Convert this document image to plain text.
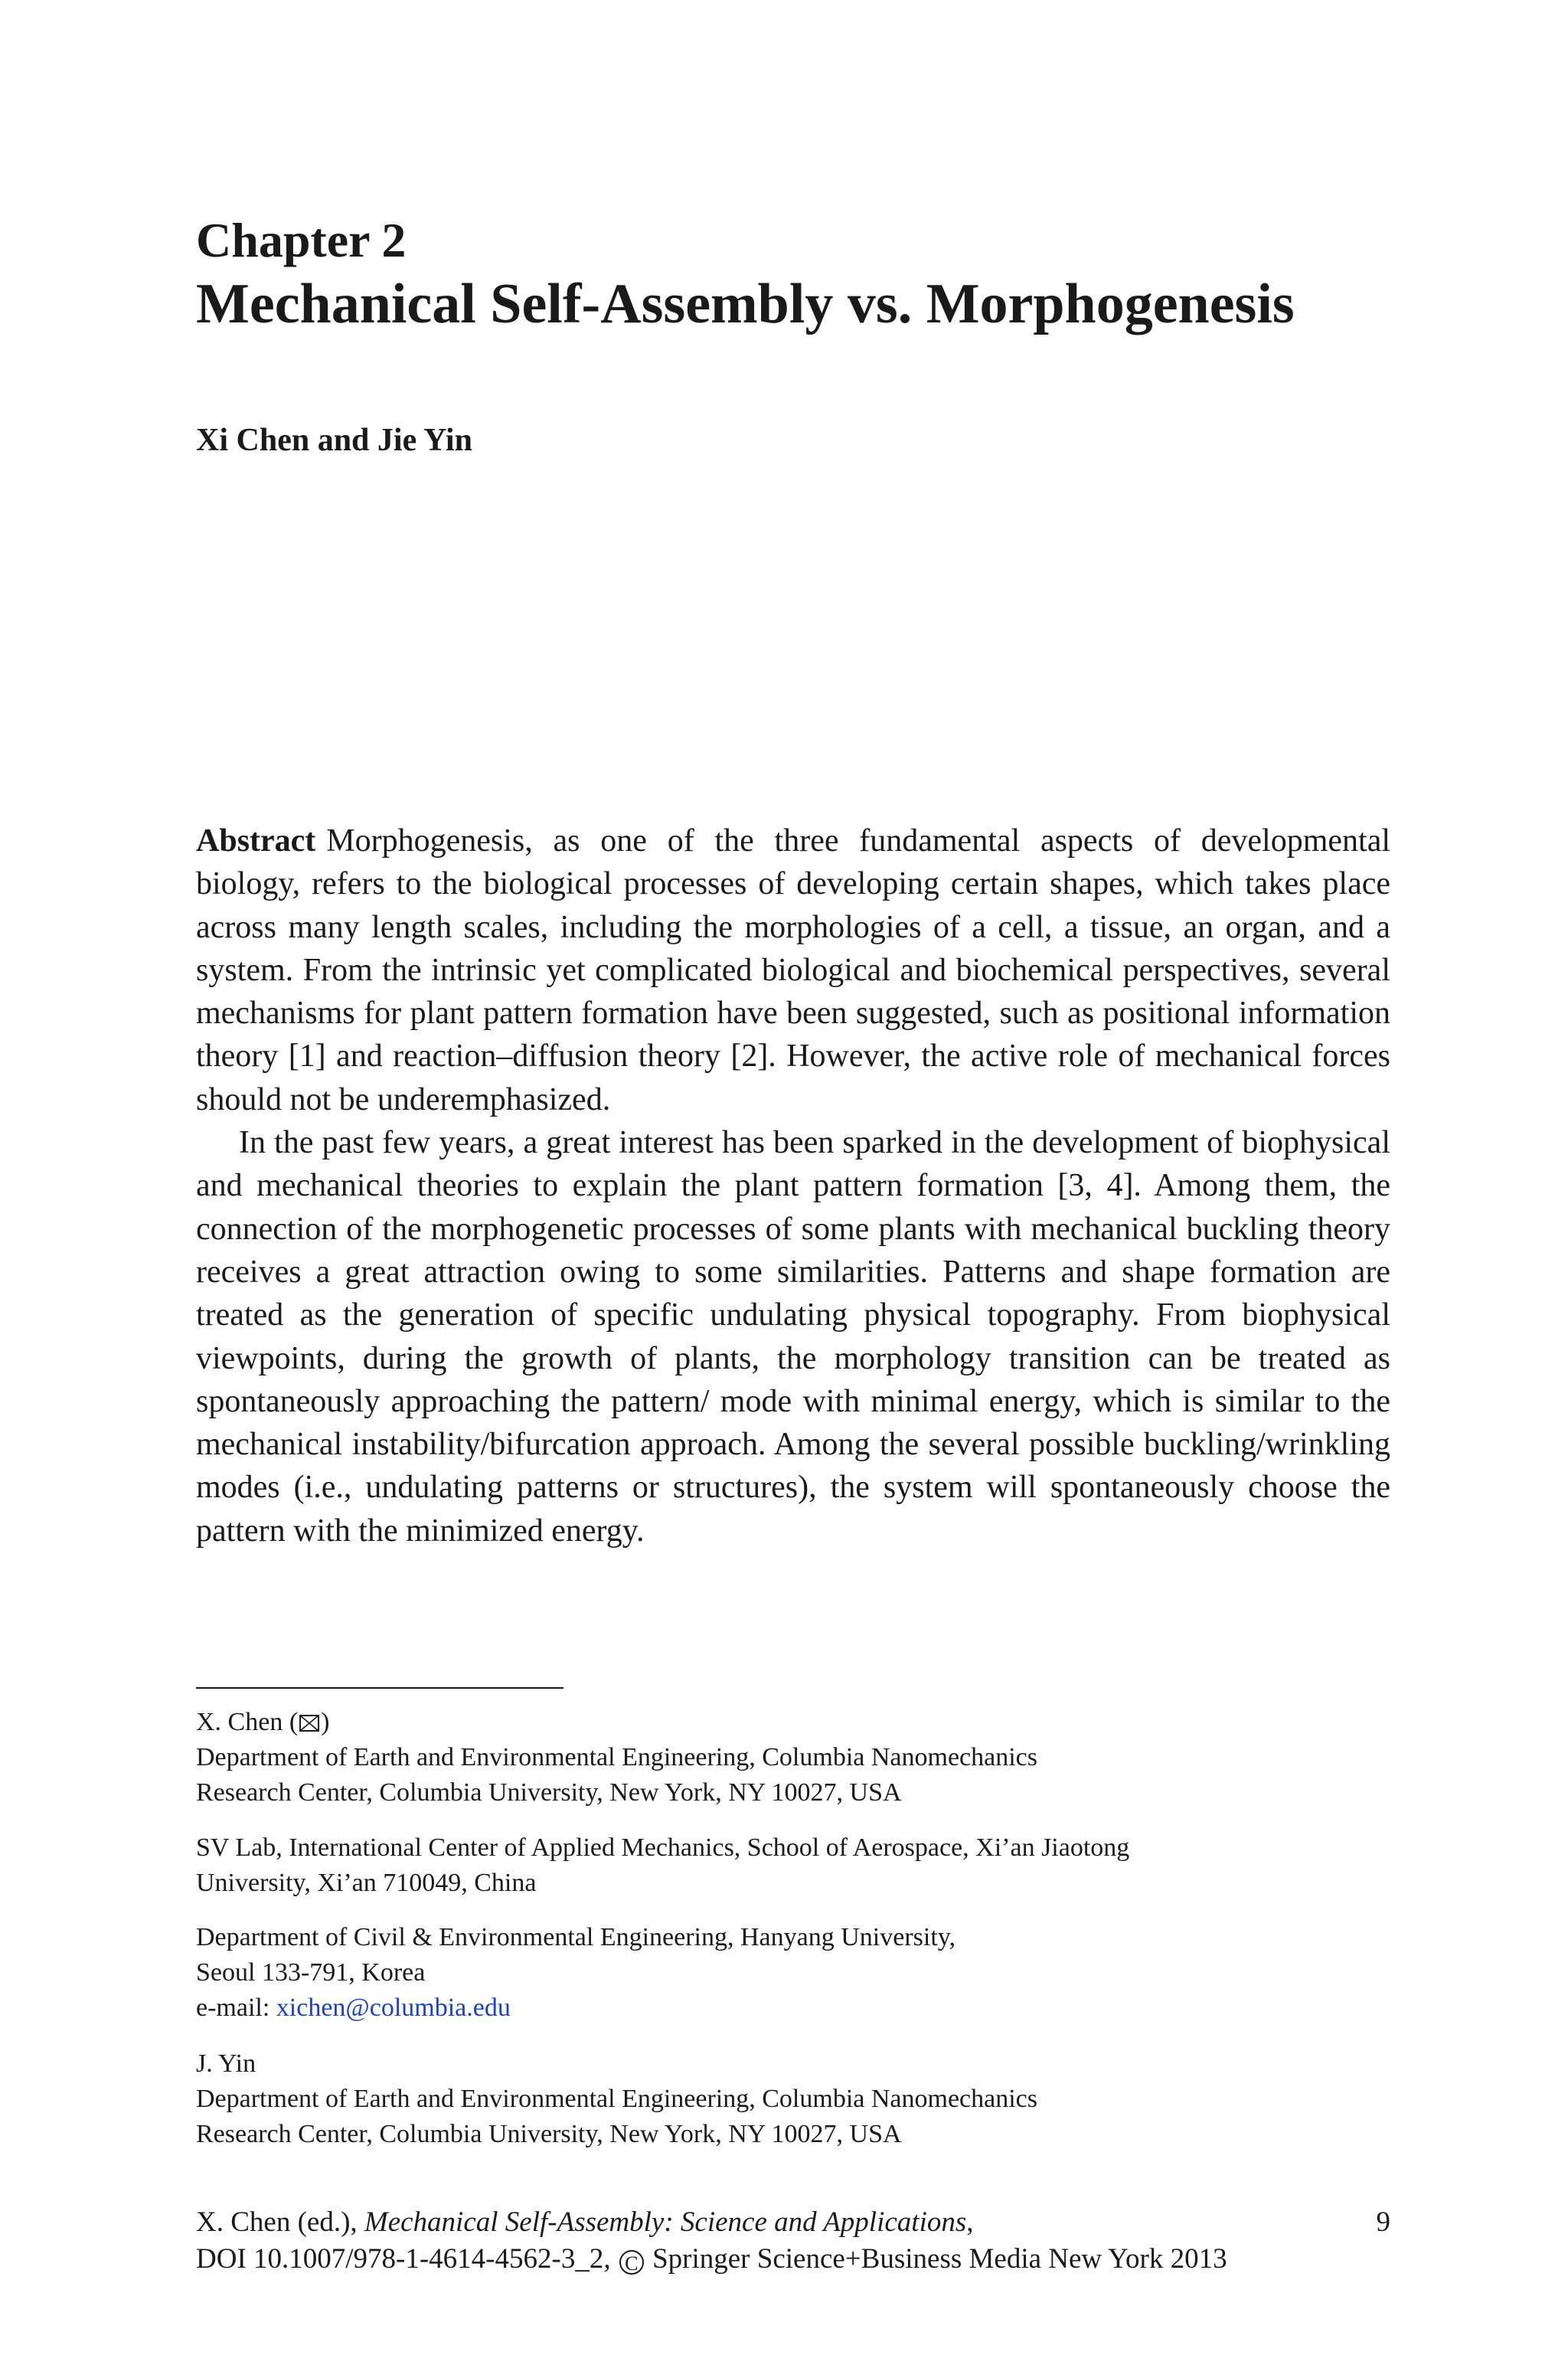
Chapter 2
Mechanical Self-Assembly vs. Morphogenesis
Xi Chen and Jie Yin

Abstract Morphogenesis, as one of the three fundamental aspects of developmental biology, refers to the biological processes of developing certain shapes, which takes place across many length scales, including the morphologies of a cell, a tissue, an organ, and a system. From the intrinsic yet complicated biological and biochemical perspectives, several mechanisms for plant pattern formation have been suggested, such as positional information theory [1] and reaction–diffusion theory [2]. However, the active role of mechanical forces should not be underemphasized.

In the past few years, a great interest has been sparked in the development of biophysical and mechanical theories to explain the plant pattern formation [3, 4]. Among them, the connection of the morphogenetic processes of some plants with mechanical buckling theory receives a great attraction owing to some similarities. Patterns and shape formation are treated as the generation of specific undulating physical topography. From biophysical viewpoints, during the growth of plants, the morphology transition can be treated as spontaneously approaching the pattern/ mode with minimal energy, which is similar to the mechanical instability/bifurcation approach. Among the several possible buckling/wrinkling modes (i.e., undulating patterns or structures), the system will spontaneously choose the pattern with the minimized energy.

X. Chen ( )
Department of Earth and Environmental Engineering, Columbia Nanomechanics
Research Center, Columbia University, New York, NY 10027, USA
SV Lab, International Center of Applied Mechanics, School of Aerospace, Xi’an Jiaotong
University, Xi’an 710049, China
Department of Civil & Environmental Engineering, Hanyang University,
Seoul 133-791, Korea
e-mail: xichen@columbia.edu
J. Yin
Department of Earth and Environmental Engineering, Columbia Nanomechanics
Research Center, Columbia University, New York, NY 10027, USA
X. Chen (ed.), Mechanical Self-Assembly: Science and Applications,
DOI 10.1007/978-1-4614-4562-3_2, C Springer Science+Business Media New York 2013
9
